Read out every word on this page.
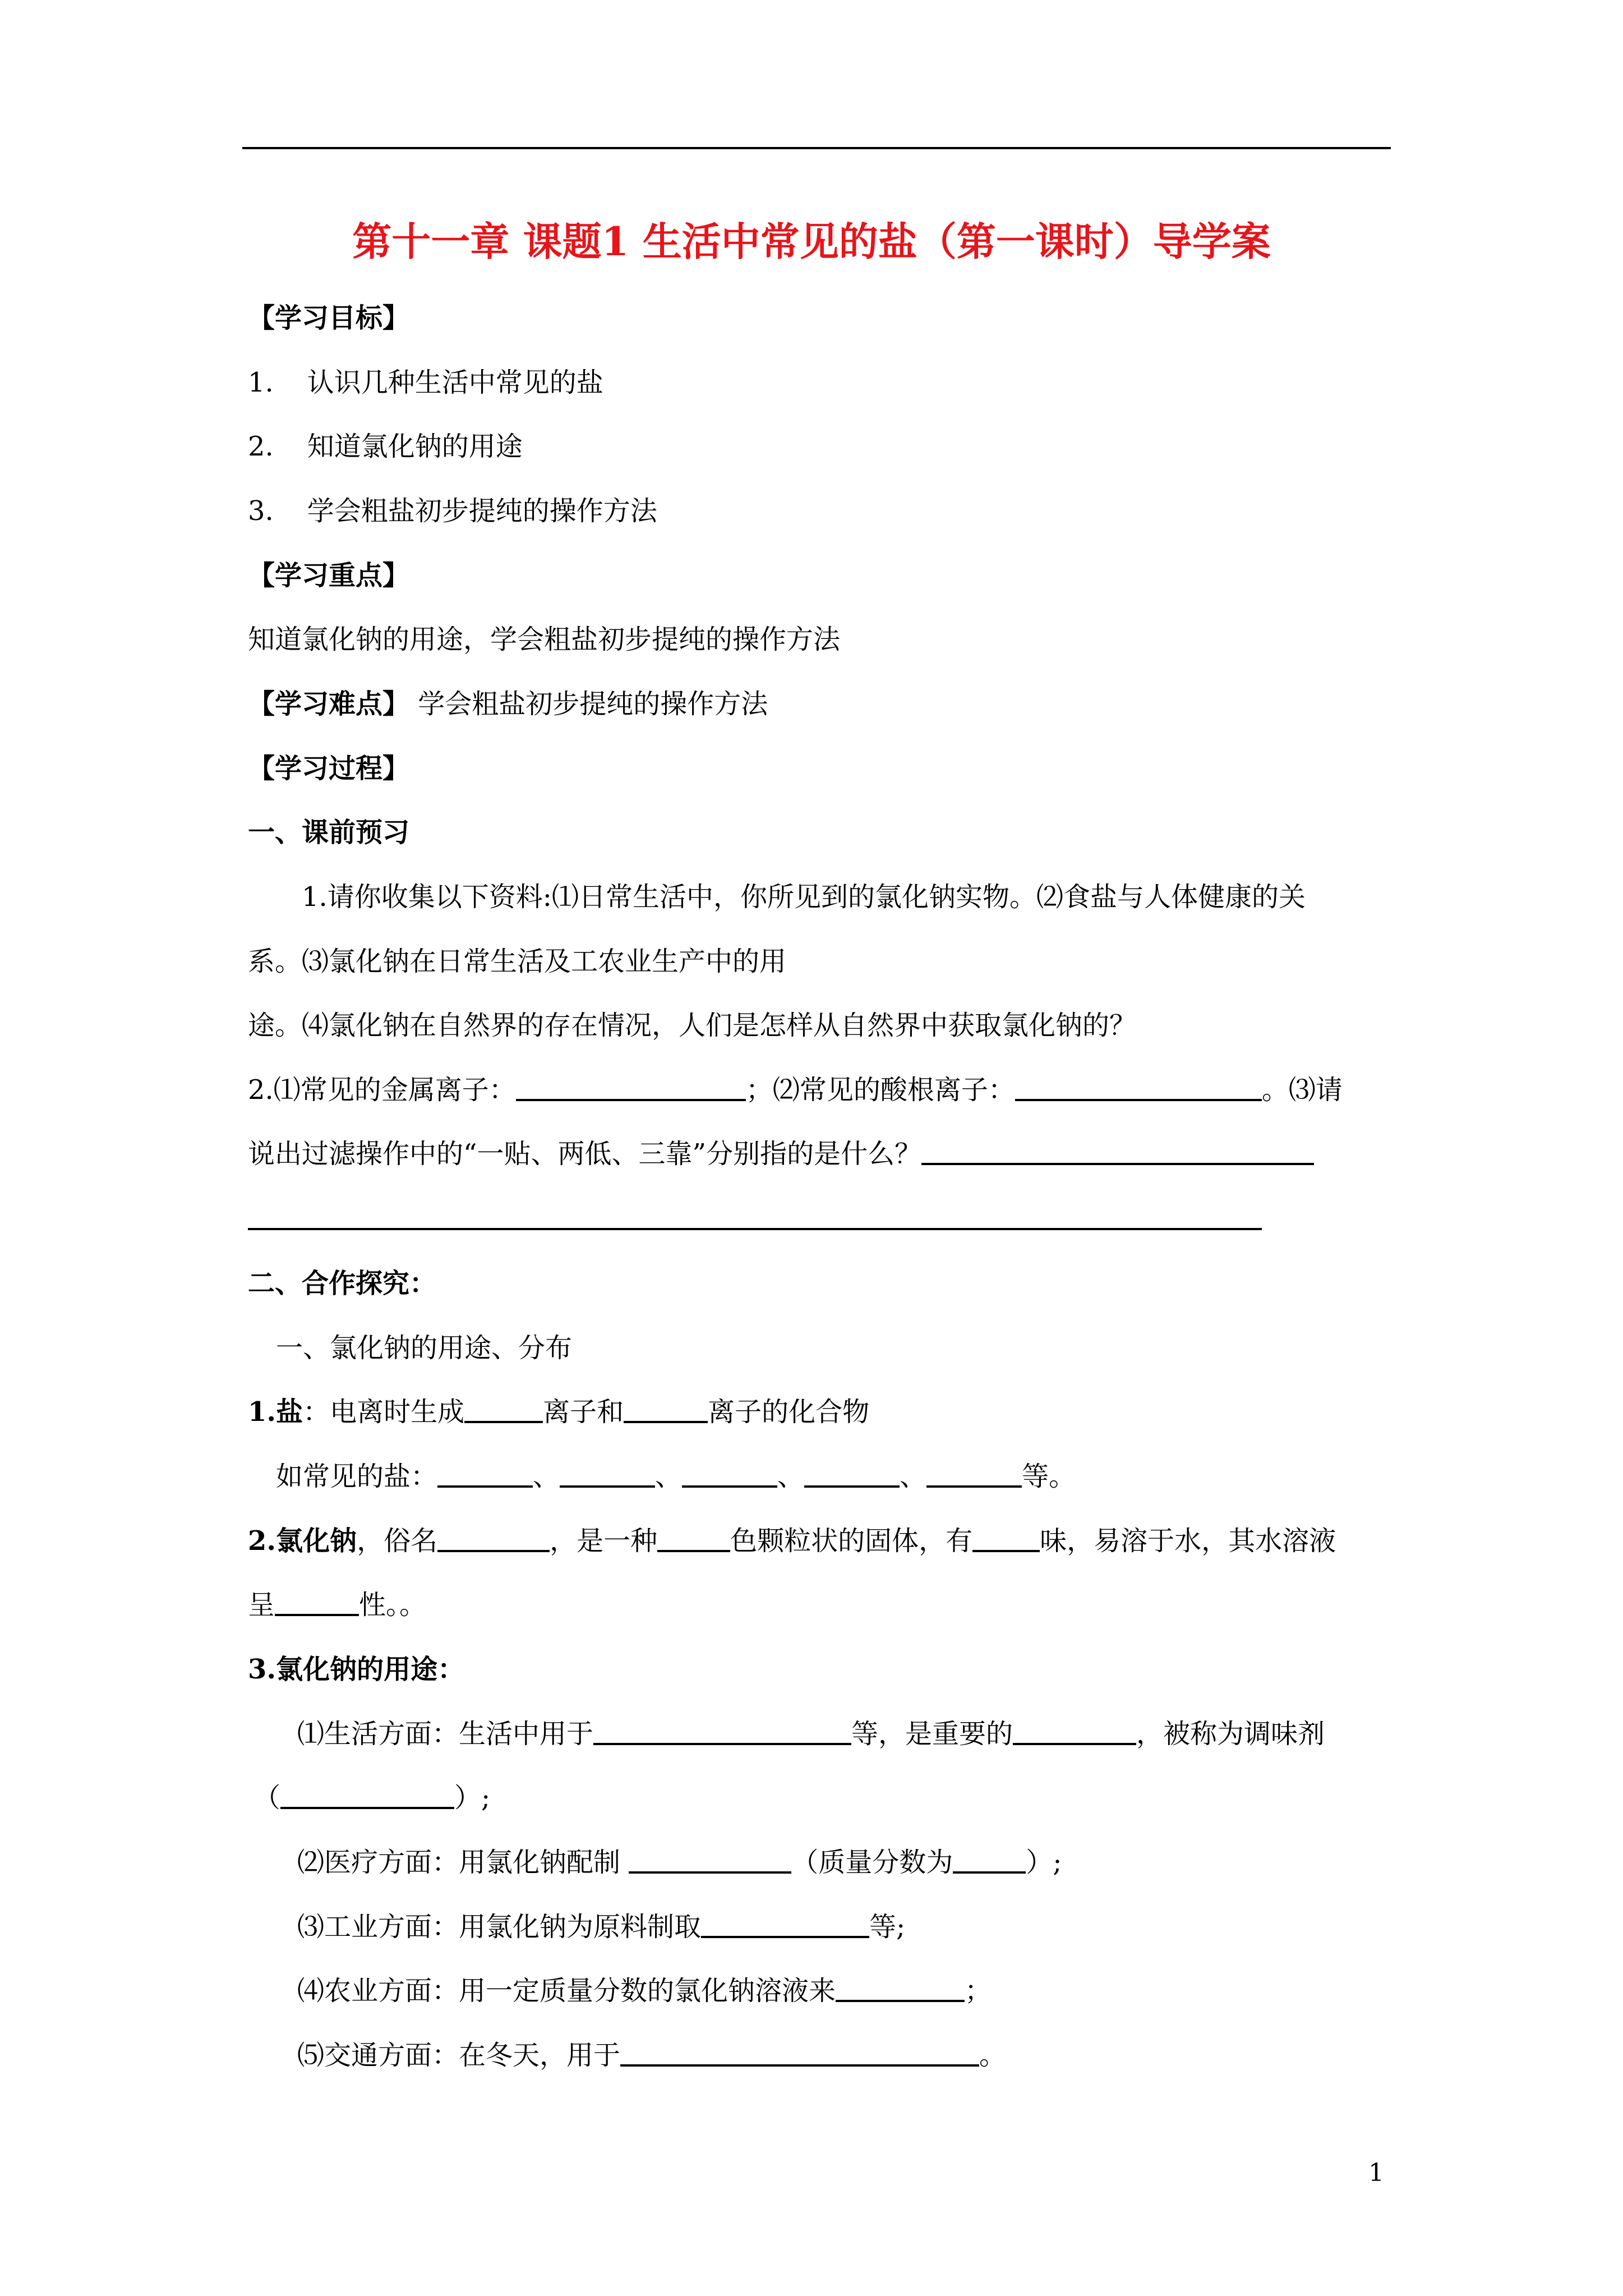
第十一章 课题1 生活中常见的盐（第一课时）导学案
【学习目标】
1. 认识几种生活中常见的盐
2. 知道氯化钠的用途
3. 学会粗盐初步提纯的操作方法
【学习重点】
知道氯化钠的用途，学会粗盐初步提纯的操作方法
【学习难点】 学会粗盐初步提纯的操作方法
【学习过程】
一、课前预习
1.请你收集以下资料:⑴日常生活中，你所见到的氯化钠实物。⑵食盐与人体健康的关
系。⑶氯化钠在日常生活及工农业生产中的用
途。⑷氯化钠在自然界的存在情况，人们是怎样从自然界中获取氯化钠的？
2.⑴常见的金属离子：	；⑵常见的酸根离子：	。⑶请
说出过滤操作中的“一贴、两低、三靠”分别指的是什么？
二、合作探究：
一、氯化钠的用途、分布
1.盐：电离时生成	离子和	离子的化合物
如常见的盐：	、	、	、	、	等。
2.氯化钠，俗名	，是一种	色颗粒状的固体，有	味，易溶于水，其水溶液
呈	性。。
3.氯化钠的用途：
⑴生活方面：生活中用于	等，是重要的	，被称为调味剂
（	）;
⑵医疗方面：用氯化钠配制	（质量分数为	）;
⑶工业方面：用氯化钠为原料制取	等;
⑷农业方面：用一定质量分数的氯化钠溶液来	；
⑸交通方面：在冬天，用于	。
1
